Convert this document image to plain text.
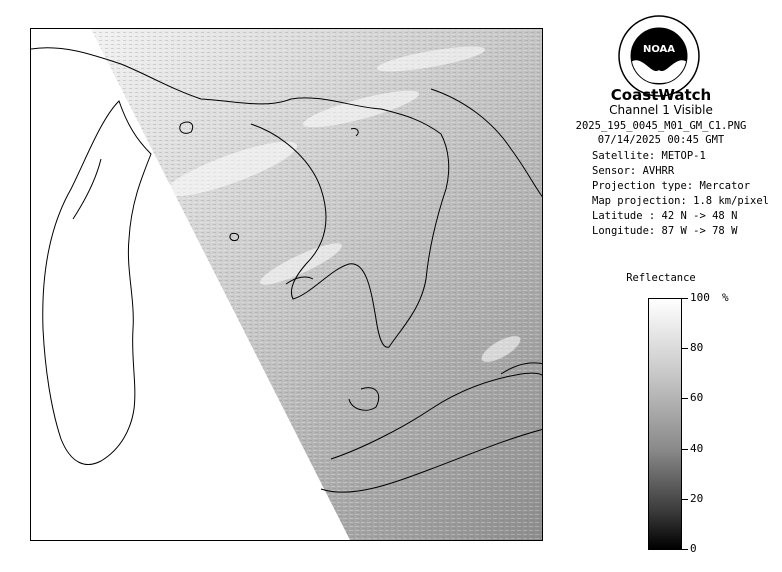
NOAA
CoastWatch
Channel 1 Visible
2025_195_0045_M01_GM_C1.PNG
07/14/2025 00:45 GMT
Satellite: METOP-1
Sensor: AVHRR
Projection type: Mercator
Map projection: 1.8 km/pixel
Latitude : 42 N -> 48 N
Longitude: 87 W -> 78 W
Reflectance
%
100
80
60
40
20
0
